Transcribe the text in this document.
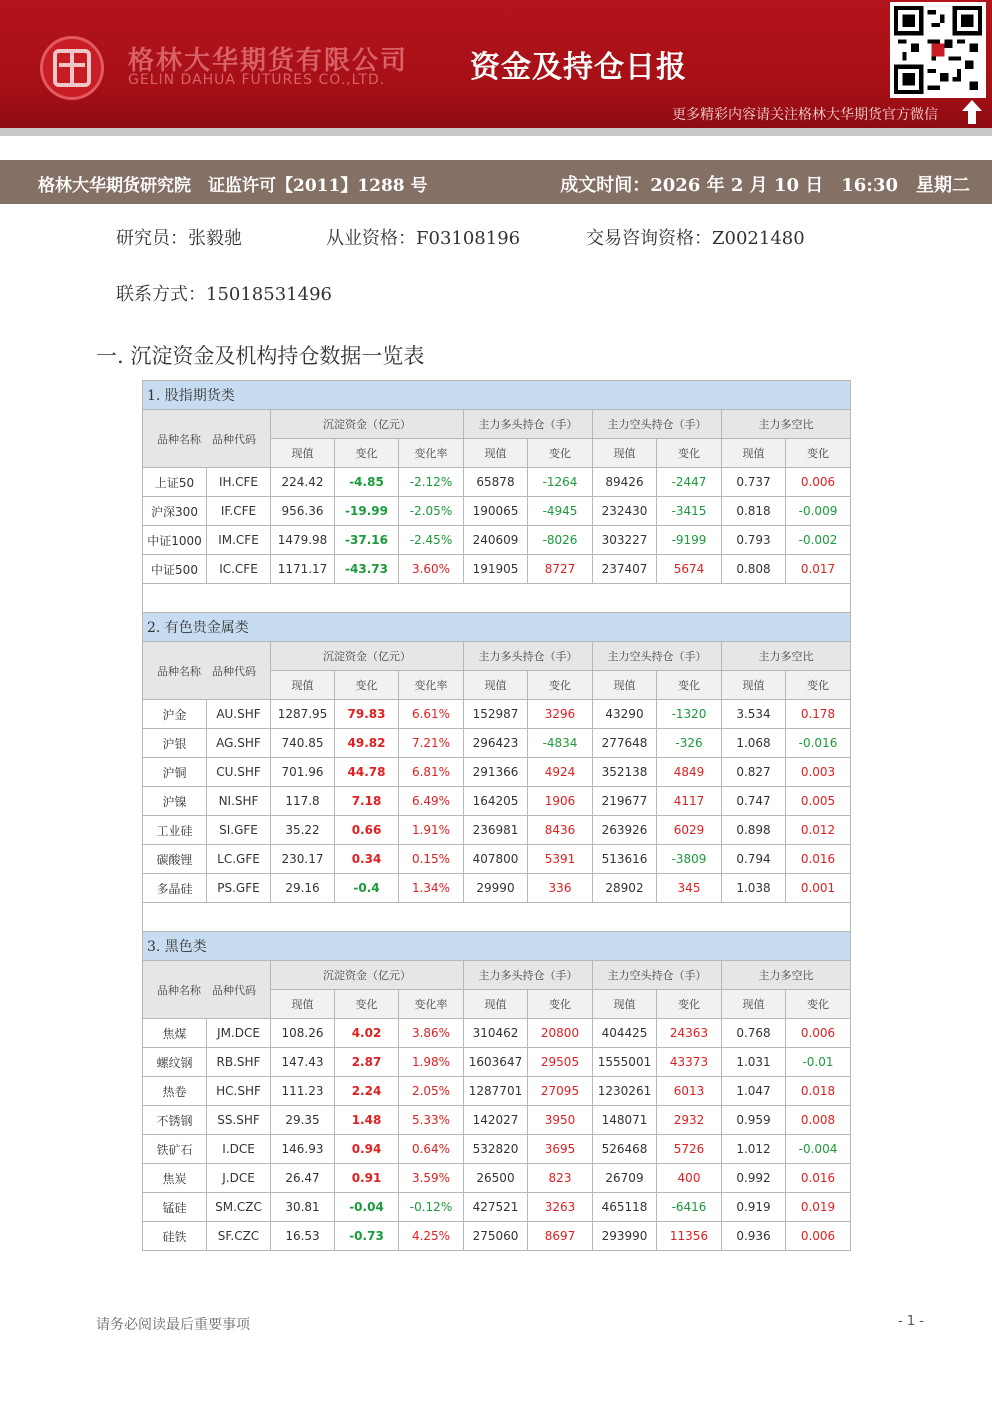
格林大华期货有限公司
GELIN DAHUA FUTURES CO.,LTD.	资金及持仓日报
更多精彩内容请关注格林大华期货官方微信
格林大华期货研究院　证监许可【2011】1288 号	成文时间：2026 年 2 月 10 日　16:30　星期二
研究员：张毅驰	从业资格：F03108196	交易咨询资格：Z0021480
联系方式：15018531496
一. 沉淀资金及机构持仓数据一览表
1. 股指期货类										
品种名称　品种代码		沉淀资金（亿元）			主力多头持仓（手）		主力空头持仓（手）		主力多空比	
		现值	变化	变化率	现值	变化	现值	变化	现值	变化
上证50	IH.CFE	224.42	-4.85	-2.12%	65878	-1264	89426	-2447	0.737	0.006
沪深300	IF.CFE	956.36	-19.99	-2.05%	190065	-4945	232430	-3415	0.818	-0.009
中证1000	IM.CFE	1479.98	-37.16	-2.45%	240609	-8026	303227	-9199	0.793	-0.002
中证500	IC.CFE	1171.17	-43.73	3.60%	191905	8727	237407	5674	0.808	0.017

2. 有色贵金属类										
品种名称　品种代码		沉淀资金（亿元）			主力多头持仓（手）		主力空头持仓（手）		主力多空比	
		现值	变化	变化率	现值	变化	现值	变化	现值	变化
沪金	AU.SHF	1287.95	79.83	6.61%	152987	3296	43290	-1320	3.534	0.178
沪银	AG.SHF	740.85	49.82	7.21%	296423	-4834	277648	-326	1.068	-0.016
沪铜	CU.SHF	701.96	44.78	6.81%	291366	4924	352138	4849	0.827	0.003
沪镍	NI.SHF	117.8	7.18	6.49%	164205	1906	219677	4117	0.747	0.005
工业硅	SI.GFE	35.22	0.66	1.91%	236981	8436	263926	6029	0.898	0.012
碳酸锂	LC.GFE	230.17	0.34	0.15%	407800	5391	513616	-3809	0.794	0.016
多晶硅	PS.GFE	29.16	-0.4	1.34%	29990	336	28902	345	1.038	0.001

3. 黑色类										
品种名称　品种代码		沉淀资金（亿元）			主力多头持仓（手）		主力空头持仓（手）		主力多空比	
		现值	变化	变化率	现值	变化	现值	变化	现值	变化
焦煤	JM.DCE	108.26	4.02	3.86%	310462	20800	404425	24363	0.768	0.006
螺纹钢	RB.SHF	147.43	2.87	1.98%	1603647	29505	1555001	43373	1.031	-0.01
热卷	HC.SHF	111.23	2.24	2.05%	1287701	27095	1230261	6013	1.047	0.018
不锈钢	SS.SHF	29.35	1.48	5.33%	142027	3950	148071	2932	0.959	0.008
铁矿石	I.DCE	146.93	0.94	0.64%	532820	3695	526468	5726	1.012	-0.004
焦炭	J.DCE	26.47	0.91	3.59%	26500	823	26709	400	0.992	0.016
锰硅	SM.CZC	30.81	-0.04	-0.12%	427521	3263	465118	-6416	0.919	0.019
硅铁	SF.CZC	16.53	-0.73	4.25%	275060	8697	293990	11356	0.936	0.006
请务必阅读最后重要事项	- 1 -
